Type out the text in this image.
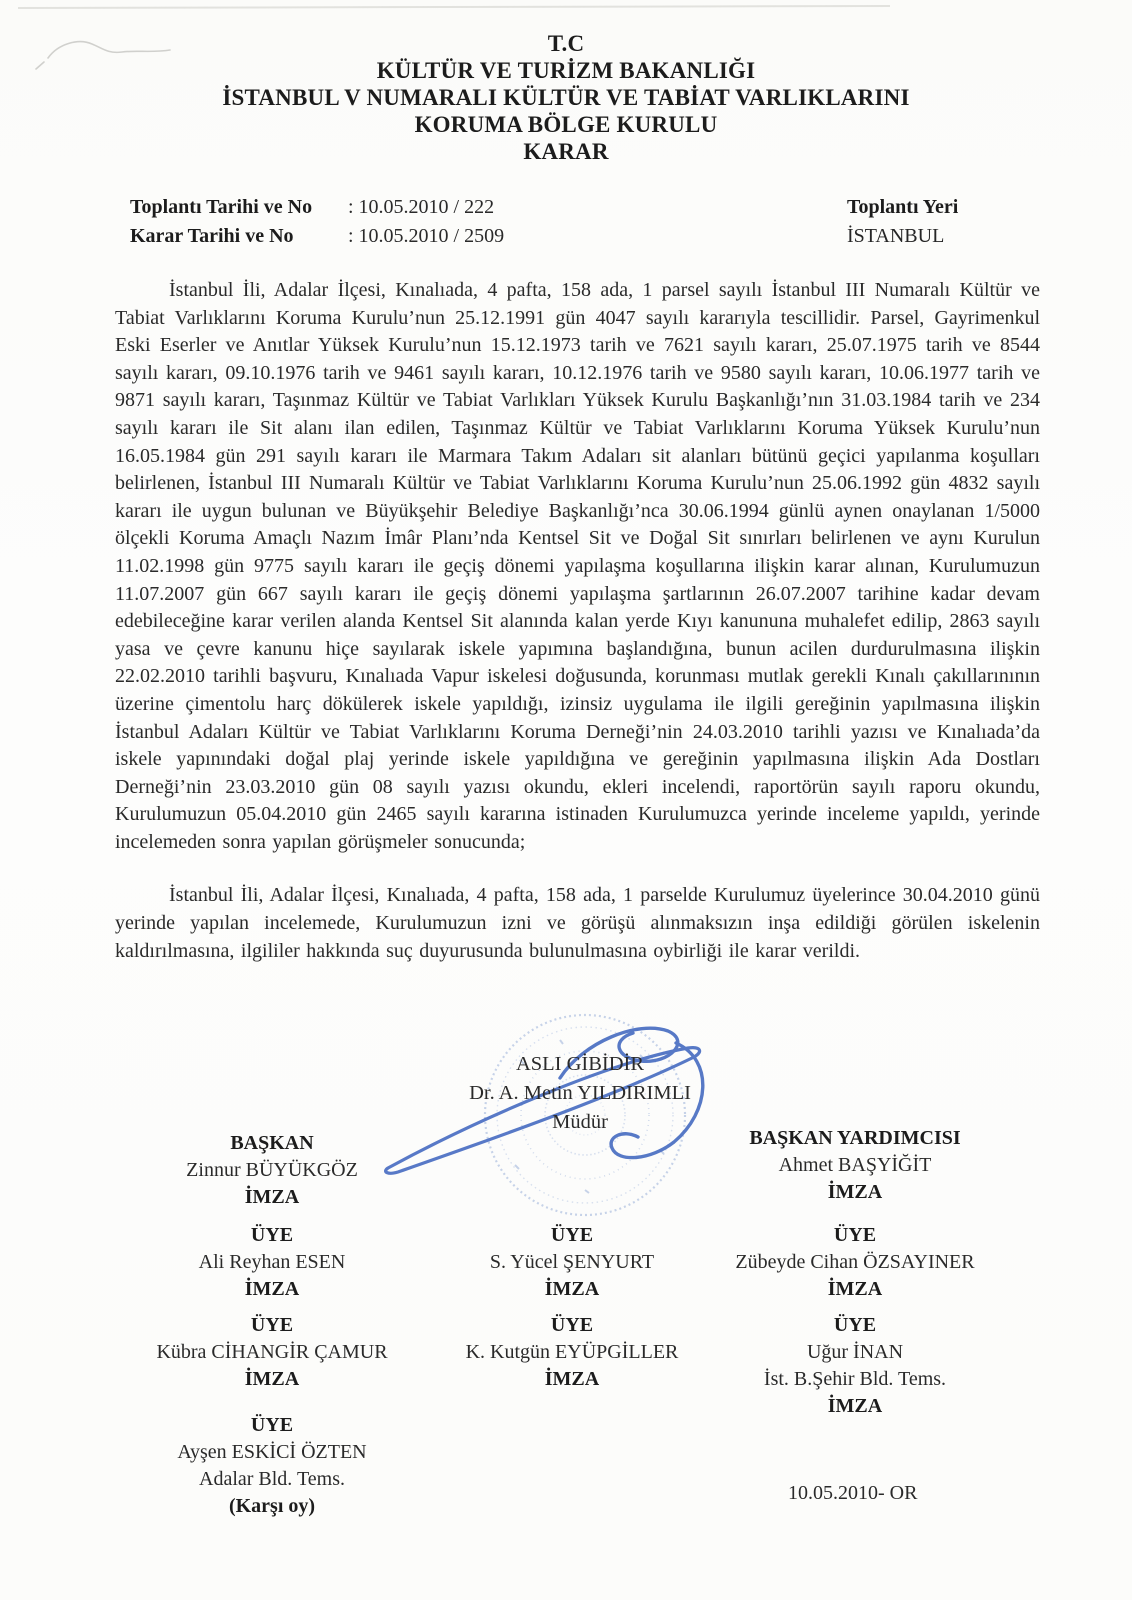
T.C
KÜLTÜR VE TURİZM BAKANLIĞI
İSTANBUL V NUMARALI KÜLTÜR VE TABİAT VARLIKLARINI
KORUMA BÖLGE KURULU
KARAR
Toplantı Tarihi ve No : 10.05.2010 / 222
Karar Tarihi ve No	: 10.05.2010 / 2509
Toplantı Yeri
İSTANBUL

İstanbul İli, Adalar İlçesi, Kınalıada, 4 pafta, 158 ada, 1 parsel sayılı İstanbul III Numaralı Kültür ve Tabiat Varlıklarını Koruma Kurulu’nun 25.12.1991 gün 4047 sayılı kararıyla tescillidir. Parsel, Gayrimenkul Eski Eserler ve Anıtlar Yüksek Kurulu’nun 15.12.1973 tarih ve 7621 sayılı kararı, 25.07.1975 tarih ve 8544 sayılı kararı, 09.10.1976 tarih ve 9461 sayılı kararı, 10.12.1976 tarih ve 9580 sayılı kararı, 10.06.1977 tarih ve 9871 sayılı kararı, Taşınmaz Kültür ve Tabiat Varlıkları Yüksek Kurulu Başkanlığı’nın 31.03.1984 tarih ve 234 sayılı kararı ile Sit alanı ilan edilen, Taşınmaz Kültür ve Tabiat Varlıklarını Koruma Yüksek Kurulu’nun 16.05.1984 gün 291 sayılı kararı ile Marmara Takım Adaları sit alanları bütünü geçici yapılanma koşulları belirlenen, İstanbul III Numaralı Kültür ve Tabiat Varlıklarını Koruma Kurulu’nun 25.06.1992 gün 4832 sayılı kararı ile uygun bulunan ve Büyükşehir Belediye Başkanlığı’nca 30.06.1994 günlü aynen onaylanan 1/5000 ölçekli Koruma Amaçlı Nazım İmâr Planı’nda Kentsel Sit ve Doğal Sit sınırları belirlenen ve aynı Kurulun 11.02.1998 gün 9775 sayılı kararı ile geçiş dönemi yapılaşma koşullarına ilişkin karar alınan, Kurulumuzun 11.07.2007 gün 667 sayılı kararı ile geçiş dönemi yapılaşma şartlarının 26.07.2007 tarihine kadar devam edebileceğine karar verilen alanda Kentsel Sit alanında kalan yerde Kıyı kanununa muhalefet edilip, 2863 sayılı yasa ve çevre kanunu hiçe sayılarak iskele yapımına başlandığına, bunun acilen durdurulmasına ilişkin 22.02.2010 tarihli başvuru, Kınalıada Vapur iskelesi doğusunda, korunması mutlak gerekli Kınalı çakıllarınının üzerine çimentolu harç dökülerek iskele yapıldığı, izinsiz uygulama ile ilgili gereğinin yapılmasına ilişkin İstanbul Adaları Kültür ve Tabiat Varlıklarını Koruma Derneği’nin 24.03.2010 tarihli yazısı ve Kınalıada’da iskele yapınındaki doğal plaj yerinde iskele yapıldığına ve gereğinin yapılmasına ilişkin Ada Dostları Derneği’nin 23.03.2010 gün 08 sayılı yazısı okundu, ekleri incelendi, raportörün sayılı raporu okundu, Kurulumuzun 05.04.2010 gün 2465 sayılı kararına istinaden Kurulumuzca yerinde inceleme yapıldı, yerinde incelemeden sonra yapılan görüşmeler sonucunda;

İstanbul İli, Adalar İlçesi, Kınalıada, 4 pafta, 158 ada, 1 parselde Kurulumuz üyelerince 30.04.2010 günü yerinde yapılan incelemede, Kurulumuzun izni ve görüşü alınmaksızın inşa edildiği görülen iskelenin kaldırılmasına, ilgililer hakkında suç duyurusunda bulunulmasına oybirliği ile karar verildi.

ASLI GİBİDİR
Dr. A. Metin YILDIRIMLI
Müdür
BAŞKAN
Zinnur BÜYÜKGÖZ
İMZA
BAŞKAN YARDIMCISI
Ahmet BAŞYİĞİT
İMZA
ÜYE
Ali Reyhan ESEN
İMZA
ÜYE
S. Yücel ŞENYURT
İMZA
ÜYE
Zübeyde Cihan ÖZSAYINER
İMZA
ÜYE
Kübra CİHANGİR ÇAMUR
İMZA
ÜYE
K. Kutgün EYÜPGİLLER
İMZA
ÜYE
Uğur İNAN
İst. B.Şehir Bld. Tems.
İMZA
ÜYE
Ayşen ESKİCİ ÖZTEN
Adalar Bld. Tems.
(Karşı oy)
10.05.2010- OR
